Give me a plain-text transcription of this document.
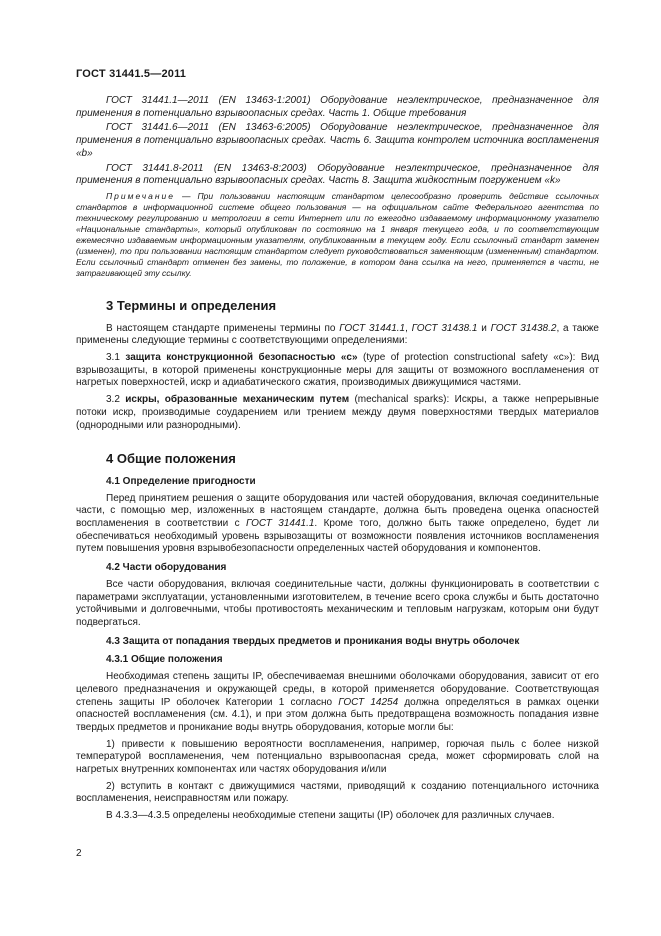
ГОСТ 31441.5—2011

ГОСТ 31441.1—2011 (EN 13463-1:2001) Оборудование неэлектрическое, предназначенное для применения в потенциально взрывоопасных средах. Часть 1. Общие требования

ГОСТ 31441.6—2011 (EN 13463-6:2005) Оборудование неэлектрическое, предназначенное для применения в потенциально взрывоопасных средах. Часть 6. Защита контролем источника воспламенения «b»

ГОСТ 31441.8-2011 (EN 13463-8:2003) Оборудование неэлектрическое, предназначенное для применения в потенциально взрывоопасных средах. Часть 8. Защита жидкостным погружением «k»

Примечание — При пользовании настоящим стандартом целесообразно проверить действие ссылочных стандартов в информационной системе общего пользования — на официальном сайте Федерального агентства по техническому регулированию и метрологии в сети Интернет или по ежегодно издаваемому информационному указателю «Национальные стандарты», который опубликован по состоянию на 1 января текущего года, и по соответствующим ежемесячно издаваемым информационным указателям, опубликованным в текущем году. Если ссылочный стандарт заменен (изменен), то при пользовании настоящим стандартом следует руководствоваться заменяющим (измененным) стандартом. Если ссылочный стандарт отменен без замены, то положение, в котором дана ссылка на него, применяется в части, не затрагивающей эту ссылку.

3 Термины и определения

В настоящем стандарте применены термины по ГОСТ 31441.1, ГОСТ 31438.1 и ГОСТ 31438.2, а также применены следующие термины с соответствующими определениями:

3.1 защита конструкционной безопасностью «c» (type of protection constructional safety «c»): Вид взрывозащиты, в которой применены конструкционные меры для защиты от возможного воспламенения от нагретых поверхностей, искр и адиабатического сжатия, производимых движущимися частями.

3.2 искры, образованные механическим путем (mechanical sparks): Искры, а также непрерывные потоки искр, производимые соударением или трением между двумя поверхностями твердых материалов (однородными или разнородными).

4 Общие положения
4.1 Определение пригодности

Перед принятием решения о защите оборудования или частей оборудования, включая соединительные части, с помощью мер, изложенных в настоящем стандарте, должна быть проведена оценка опасностей воспламенения в соответствии с ГОСТ 31441.1. Кроме того, должно быть также определено, будет ли обеспечиваться необходимый уровень взрывозащиты от возможности появления источников воспламенения путем повышения уровня взрывобезопасности определенных частей оборудования и компонентов.

4.2 Части оборудования

Все части оборудования, включая соединительные части, должны функционировать в соответствии с параметрами эксплуатации, установленными изготовителем, в течение всего срока службы и быть достаточно устойчивыми и долговечными, чтобы противостоять механическим и тепловым нагрузкам, которым они будут подвергаться.

4.3 Защита от попадания твердых предметов и проникания воды внутрь оболочек
4.3.1 Общие положения

Необходимая степень защиты IP, обеспечиваемая внешними оболочками оборудования, зависит от его целевого предназначения и окружающей среды, в которой применяется оборудование. Соответствующая степень защиты IP оболочек Категории 1 согласно ГОСТ 14254 должна определяться в рамках оценки опасностей воспламенения (см. 4.1), и при этом должна быть предотвращена возможность попадания извне твердых предметов и проникание воды внутрь оборудования, которые могли бы:

1) привести к повышению вероятности воспламенения, например, горючая пыль с более низкой температурой воспламенения, чем потенциально взрывоопасная среда, может сформировать слой на нагретых внутренних компонентах или частях оборудования и/или

2) вступить в контакт с движущимися частями, приводящий к созданию потенциального источника воспламенения, неисправностям или пожару.

В 4.3.3—4.3.5 определены необходимые степени защиты (IP) оболочек для различных случаев.

2
